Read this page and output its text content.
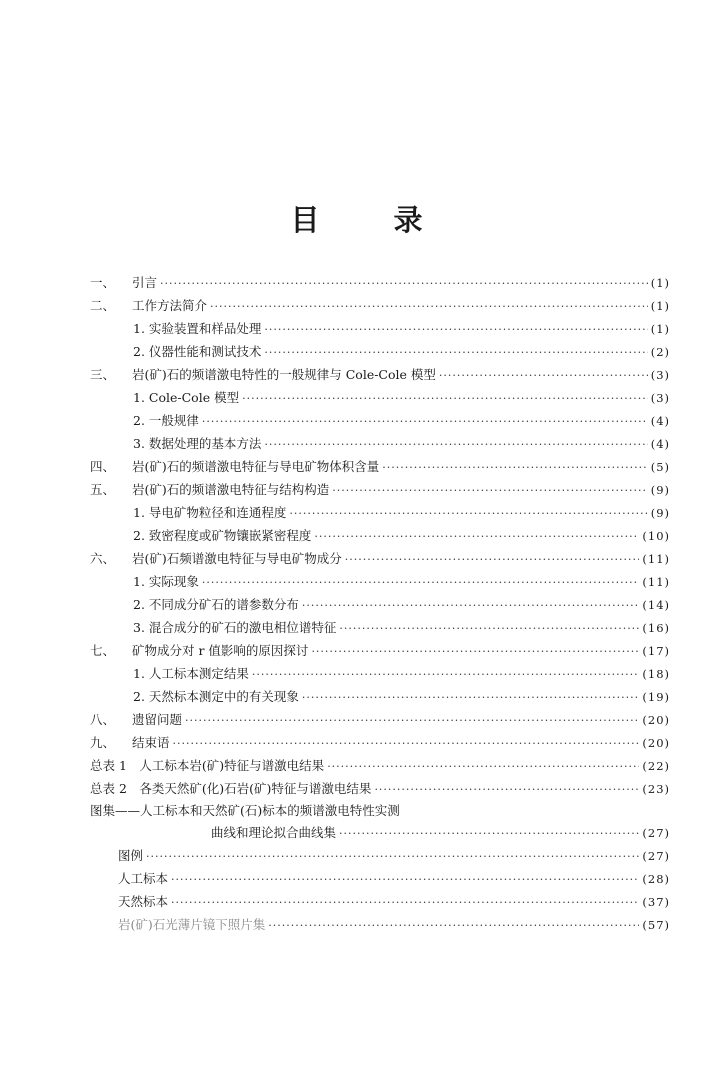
目	录
一、	引言 ·····	(1)
二、	工作方法简介 ·····	(1)
1. 实验装置和样品处理 ·····	(1)
2. 仪器性能和测试技术 ·····	(2)
三、	岩(矿)石的频谱激电特性的一般规律与 Cole-Cole 模型 ·····	(3)
1. Cole-Cole 模型 ·····	(3)
2. 一般规律 ·····	(4)
3. 数据处理的基本方法 ·····	(4)
四、	岩(矿)石的频谱激电特征与导电矿物体积含量 ·····	(5)
五、	岩(矿)石的频谱激电特征与结构构造 ·····	(9)
1. 导电矿物粒径和连通程度 ·····	(9)
2. 致密程度或矿物镶嵌紧密程度 ·····	(10)
六、	岩(矿)石频谱激电特征与导电矿物成分 ·····	(11)
1. 实际现象 ·····	(11)
2. 不同成分矿石的谱参数分布 ·····	(14)
3. 混合成分的矿石的激电相位谱特征 ·····	(16)
七、	矿物成分对 r 值影响的原因探讨 ·····	(17)
1. 人工标本测定结果 ·····	(18)
2. 天然标本测定中的有关现象 ·····	(19)
八、	遗留问题 ·····	(20)
九、	结束语 ·····	(20)
总表 1　人工标本岩(矿)特征与谱激电结果 ·····	(22)
总表 2　各类天然矿(化)石岩(矿)特征与谱激电结果 ·····	(23)
图集——人工标本和天然矿(石)标本的频谱激电特性实测
曲线和理论拟合曲线集 ·····	(27)
图例 ·····	(27)
人工标本 ·····	(28)
天然标本 ·····	(37)
岩(矿)石光薄片镜下照片集 ·····	(57)
